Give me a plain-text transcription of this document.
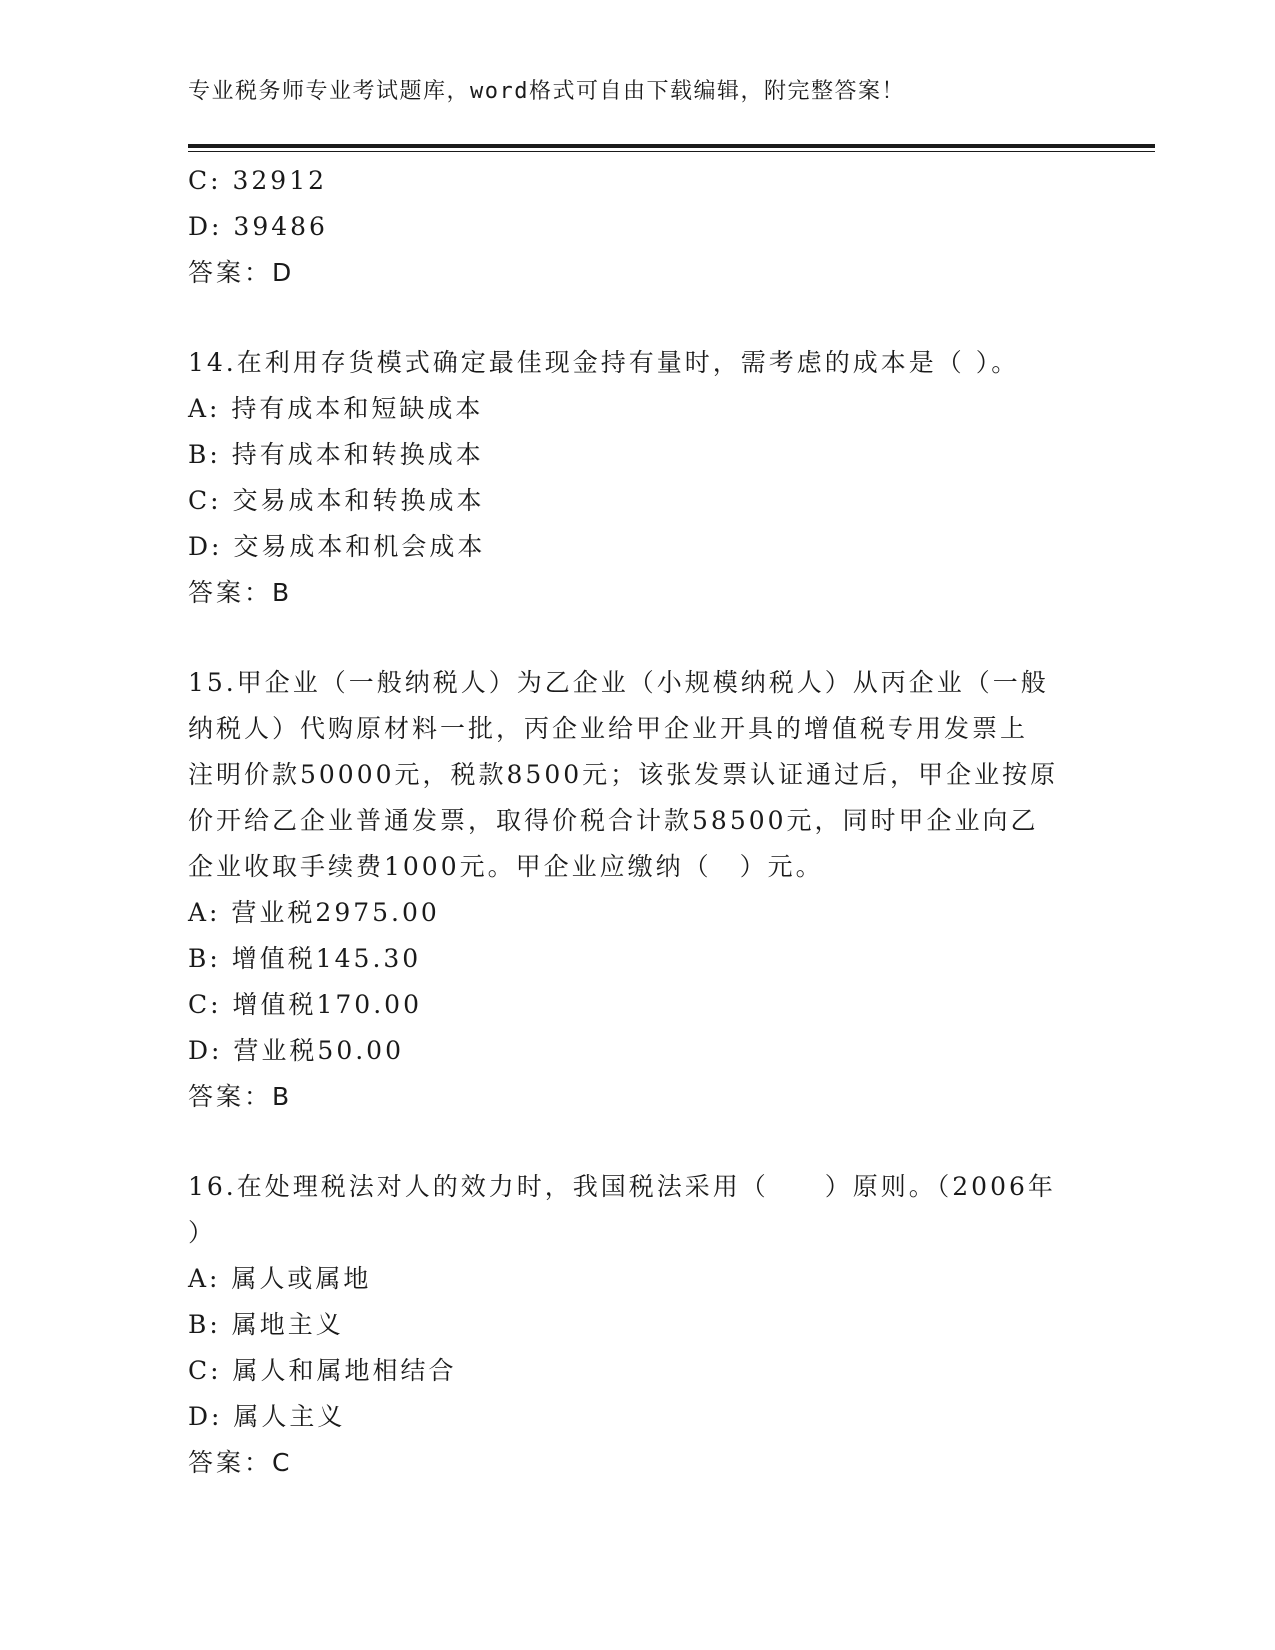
专业税务师专业考试题库，word格式可自由下载编辑，附完整答案！
C: 32912
D: 39486
答案：D
14.在利用存货模式确定最佳现金持有量时，需考虑的成本是（ ）。
A: 持有成本和短缺成本
B: 持有成本和转换成本
C: 交易成本和转换成本
D: 交易成本和机会成本
答案：B
15.甲企业（一般纳税人）为乙企业（小规模纳税人）从丙企业（一般
纳税人）代购原材料一批，丙企业给甲企业开具的增值税专用发票上
注明价款50000元，税款8500元；该张发票认证通过后，甲企业按原
价开给乙企业普通发票，取得价税合计款58500元，同时甲企业向乙
企业收取手续费1000元。甲企业应缴纳（　）元。
A: 营业税2975.00
B: 增值税145.30
C: 增值税170.00
D: 营业税50.00
答案：B
16.在处理税法对人的效力时，我国税法采用（　　）原则。（2006年
）
A: 属人或属地
B: 属地主义
C: 属人和属地相结合
D: 属人主义
答案：C
